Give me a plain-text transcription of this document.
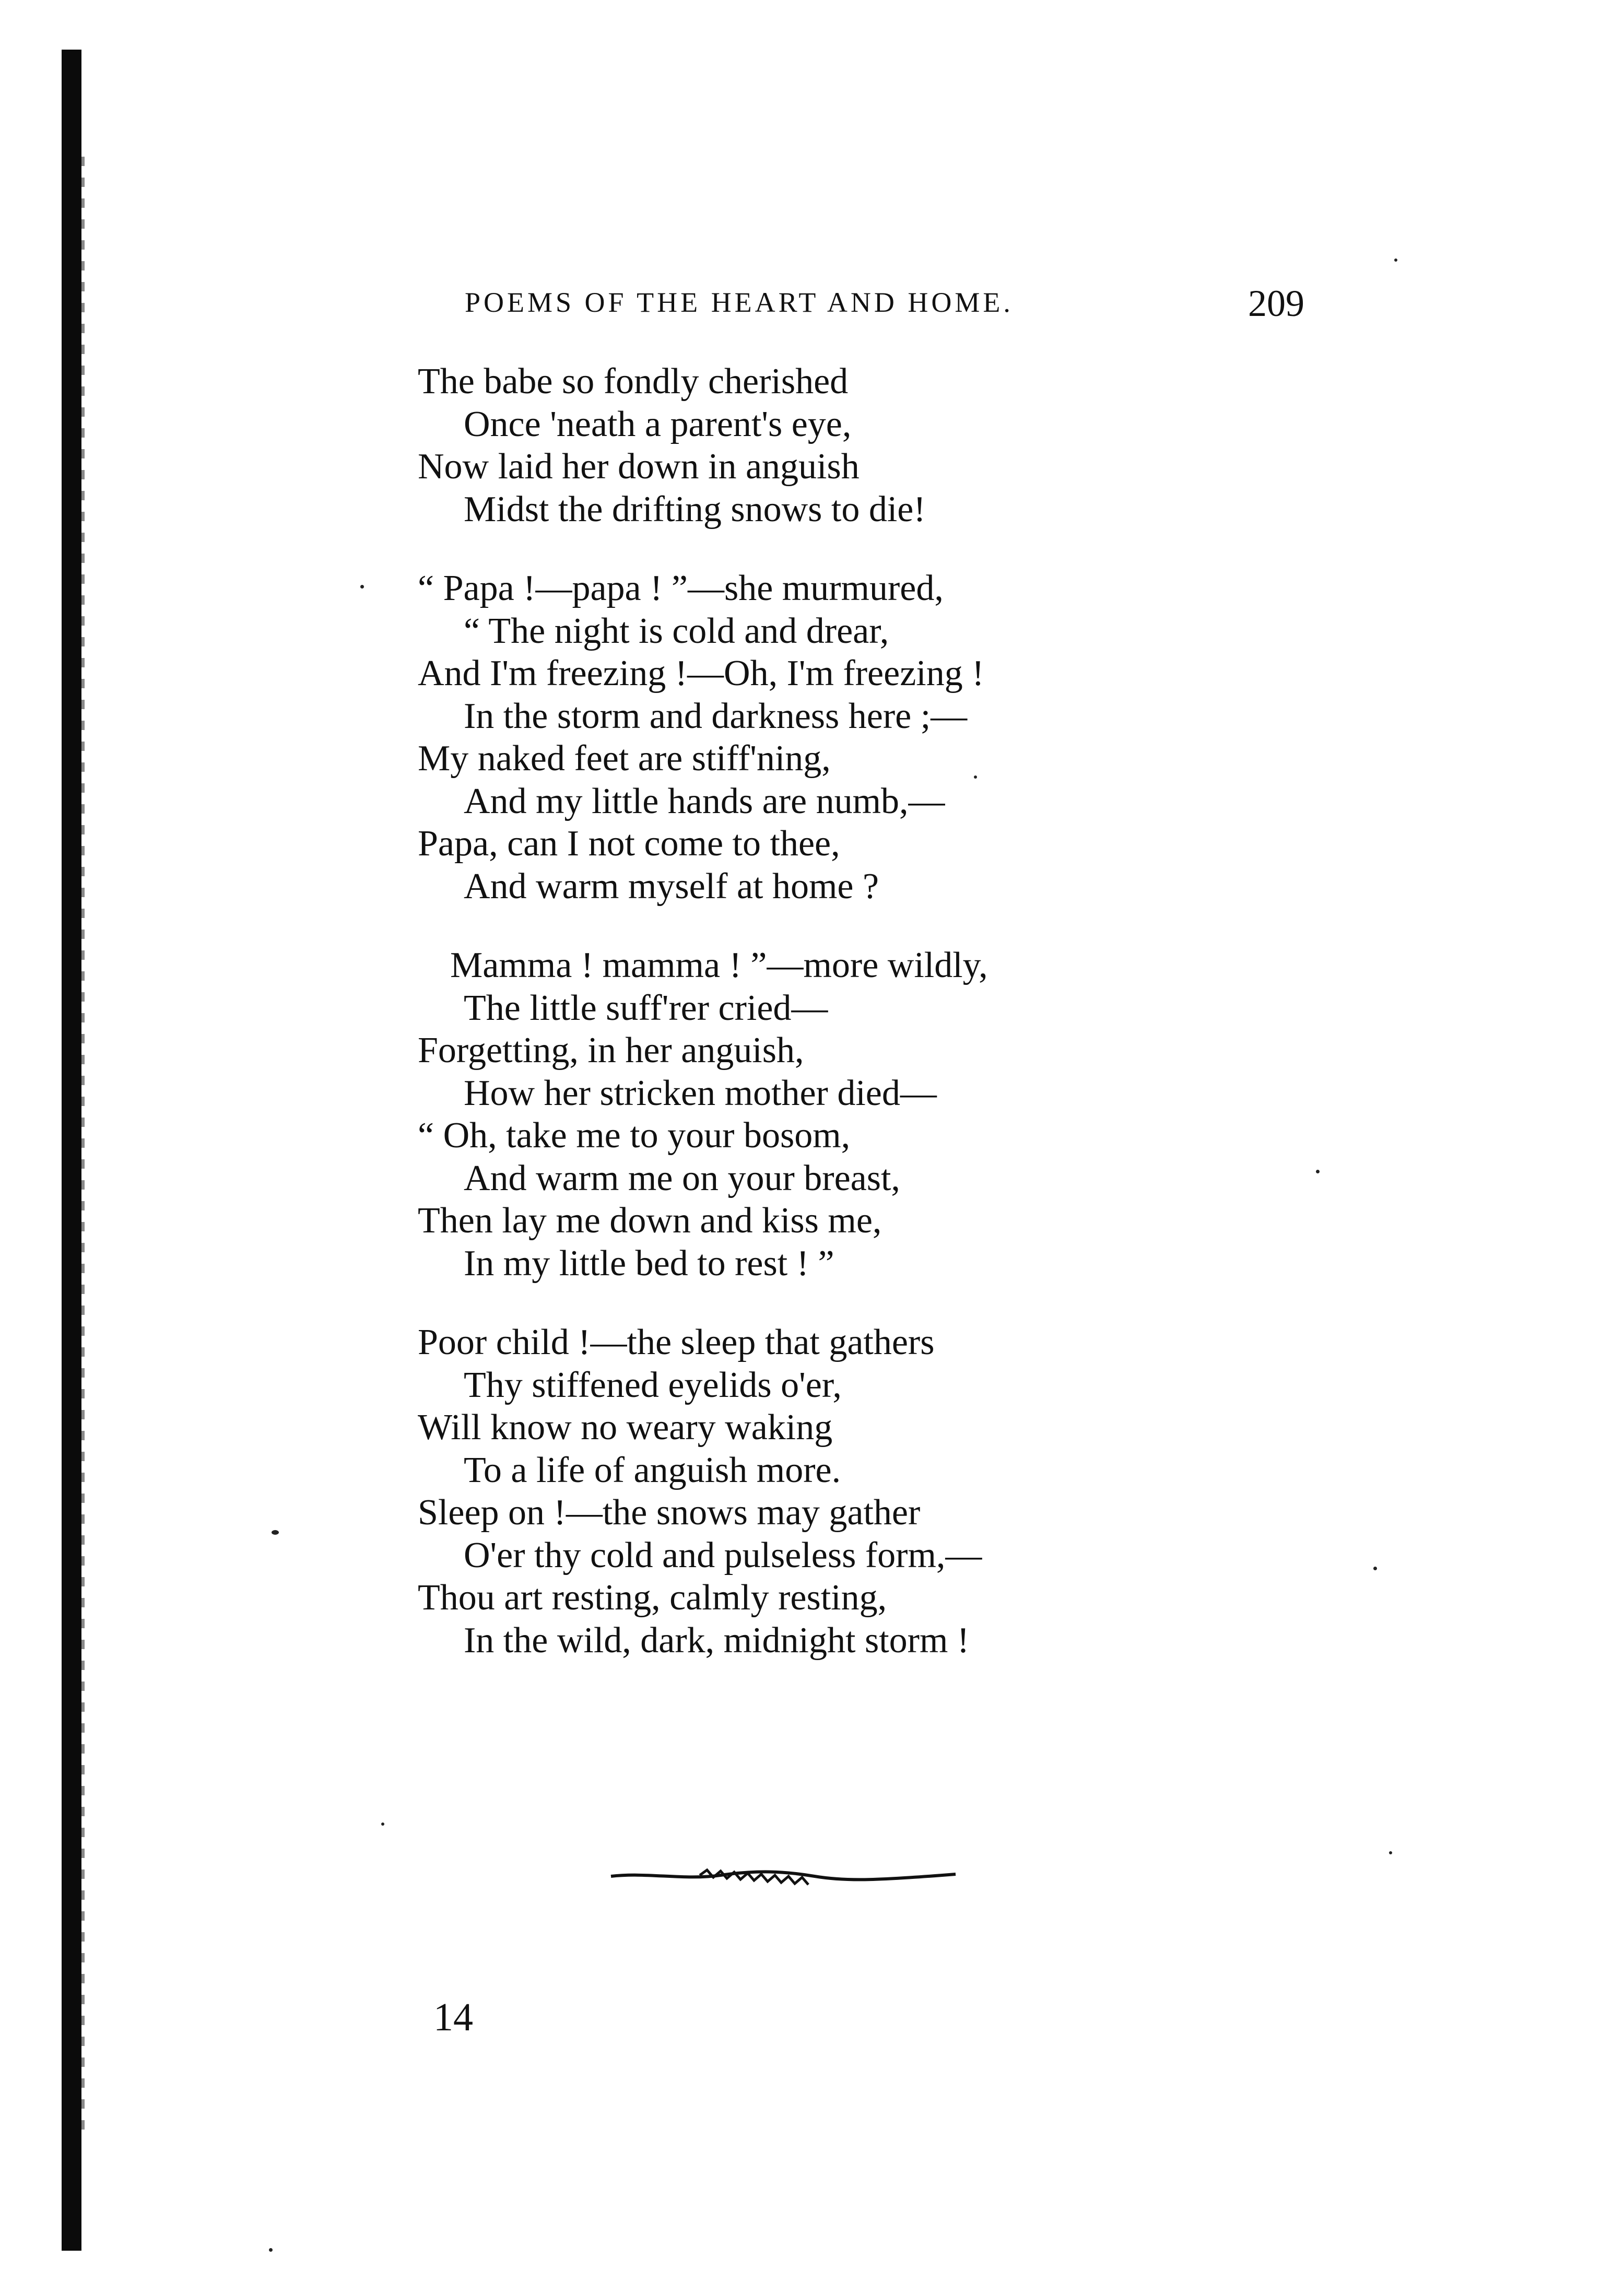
POEMS OF THE HEART AND HOME.	209
The babe so fondly cherished
Once 'neath a parent's eye,
Now laid her down in anguish
Midst the drifting snows to die!
“ Papa !—papa ! ”—she murmured,
“ The night is cold and drear,
And I'm freezing !—Oh, I'm freezing !
In the storm and darkness here ;—
My naked feet are stiff'ning,
And my little hands are numb,—
Papa, can I not come to thee,
And warm myself at home ?
Mamma ! mamma ! ”—more wildly,
The little suff'rer cried—
Forgetting, in her anguish,
How her stricken mother died—
“ Oh, take me to your bosom,
And warm me on your breast,
Then lay me down and kiss me,
In my little bed to rest ! ”
Poor child !—the sleep that gathers
Thy stiffened eyelids o'er,
Will know no weary waking
To a life of anguish more.
Sleep on !—the snows may gather
O'er thy cold and pulseless form,—
Thou art resting, calmly resting,
In the wild, dark, midnight storm !
14
